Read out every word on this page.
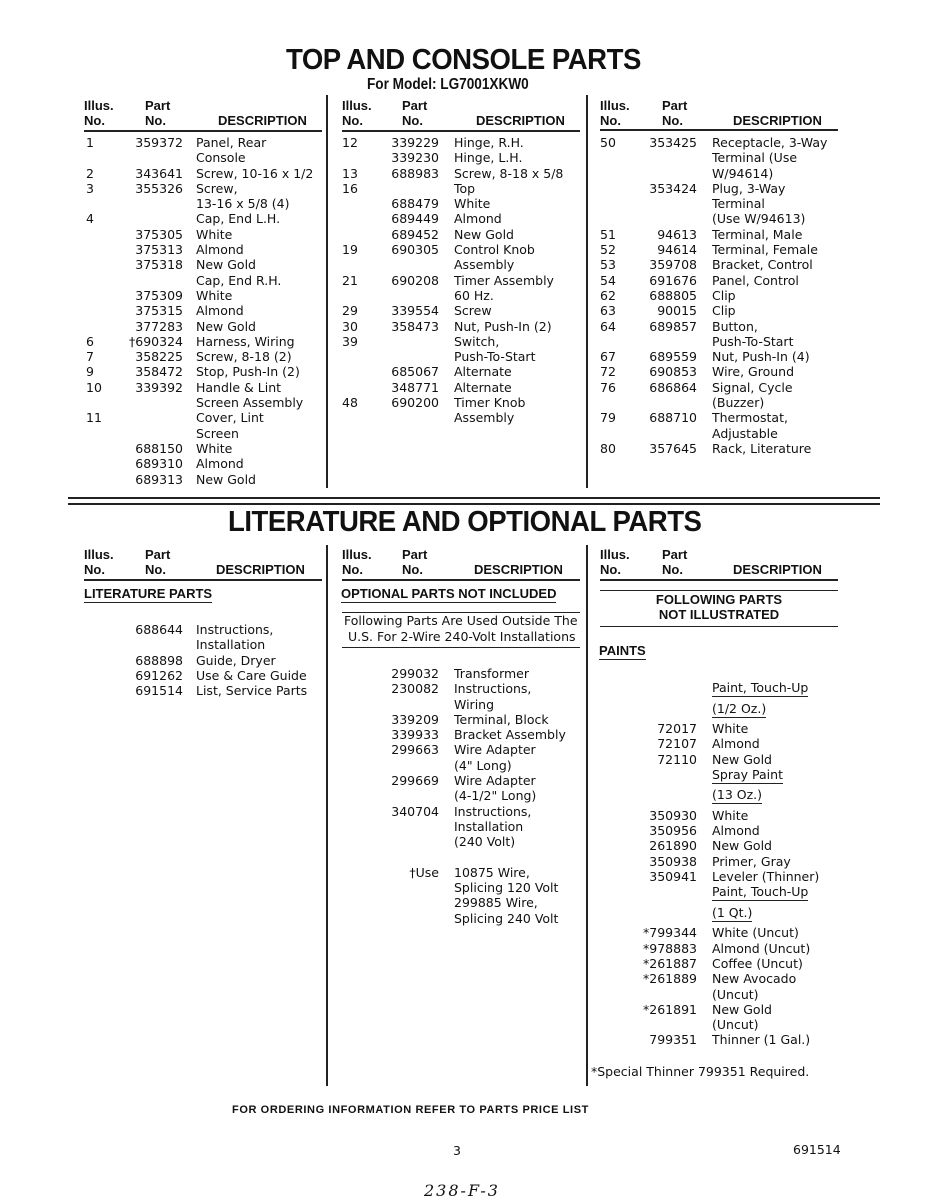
TOP AND CONSOLE PARTS
For Model: LG7001XKW0
Illus.
No.
Part
No.	DESCRIPTION
Illus.
No.
Part
No.	DESCRIPTION
Illus.
No.
Part
No.	DESCRIPTION
1	359372 Panel, Rear
Console
2	343641 Screw, 10-16 x 1/2
3	355326 Screw,
13-16 x 5/8 (4)
4	Cap, End L.H.
375305 White
375313 Almond
375318 New Gold
Cap, End R.H.
375309 White
375315 Almond
377283 New Gold
6	†690324 Harness, Wiring
7	358225 Screw, 8-18 (2)
9	358472 Stop, Push-In (2)
10	339392 Handle & Lint
Screen Assembly
11	Cover, Lint
Screen
688150 White
689310 Almond
689313 New Gold
12	339229 Hinge, R.H.
339230 Hinge, L.H.
13	688983 Screw, 8-18 x 5/8
16	Top
688479 White
689449 Almond
689452 New Gold
19	690305 Control Knob
Assembly
21	690208 Timer Assembly
60 Hz.
29	339554 Screw
30	358473 Nut, Push-In (2)
39	Switch,
Push-To-Start
685067 Alternate
348771 Alternate
48	690200 Timer Knob
Assembly
50	353425 Receptacle, 3-Way
Terminal (Use
W/94614)
353424 Plug, 3-Way
Terminal
(Use W/94613)
51	94613 Terminal, Male
52	94614 Terminal, Female
53	359708 Bracket, Control
54	691676 Panel, Control
62	688805 Clip
63	90015 Clip
64	689857 Button,
Push-To-Start
67	689559 Nut, Push-In (4)
72	690853 Wire, Ground
76	686864 Signal, Cycle
(Buzzer)
79	688710 Thermostat,
Adjustable
80	357645 Rack, Literature
LITERATURE AND OPTIONAL PARTS
Illus.
No.
Part
No.	DESCRIPTION
Illus.
No.
Part
No.	DESCRIPTION
Illus.
No.
Part
No.	DESCRIPTION
LITERATURE PARTS
688644 Instructions,
Installation
688898 Guide, Dryer
691262 Use & Care Guide
691514 List, Service Parts
OPTIONAL PARTS NOT INCLUDED
Following Parts Are Used Outside The
U.S. For 2-Wire 240-Volt Installations
299032 Transformer
230082 Instructions,
Wiring
339209 Terminal, Block
339933 Bracket Assembly
299663 Wire Adapter
(4" Long)
299669 Wire Adapter
(4-1/2" Long)
340704 Instructions,
Installation
(240 Volt)
†Use 10875 Wire,
Splicing 120 Volt
299885 Wire,
Splicing 240 Volt
FOLLOWING PARTS
NOT ILLUSTRATED
PAINTS
Paint, Touch-Up
(1/2 Oz.)
72017 White
72107 Almond
72110 New Gold
Spray Paint
(13 Oz.)
350930 White
350956 Almond
261890 New Gold
350938 Primer, Gray
350941 Leveler (Thinner)
Paint, Touch-Up
(1 Qt.)
*799344 White (Uncut)
*978883 Almond (Uncut)
*261887 Coffee (Uncut)
*261889 New Avocado
(Uncut)
*261891 New Gold
(Uncut)
799351 Thinner (1 Gal.)
*Special Thinner 799351 Required.
FOR ORDERING INFORMATION REFER TO PARTS PRICE LIST
3	691514
238-F-3
